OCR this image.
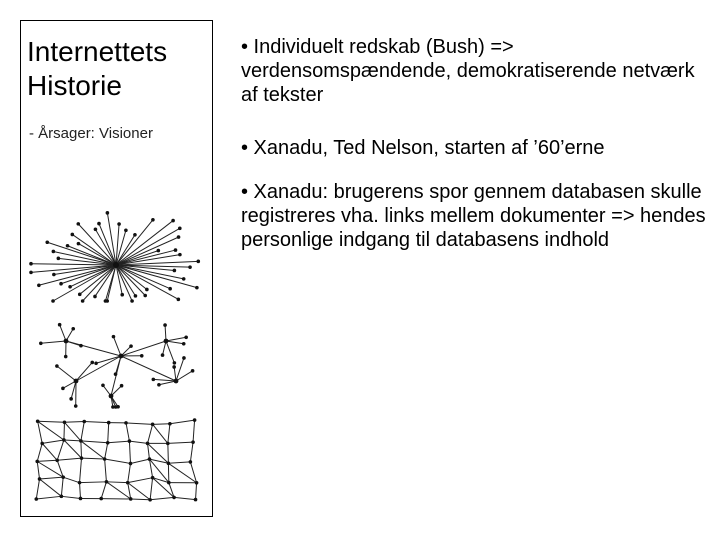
Internettets
Historie
- Årsager: Visioner

• Individuelt redskab (Bush) => verdensomspændende, demokratiserende netværk af tekster

• Xanadu, Ted Nelson, starten af ’60’erne

• Xanadu: brugerens spor gennem databasen skulle registreres vha. links mellem dokumenter => hendes personlige indgang til databasens indhold
